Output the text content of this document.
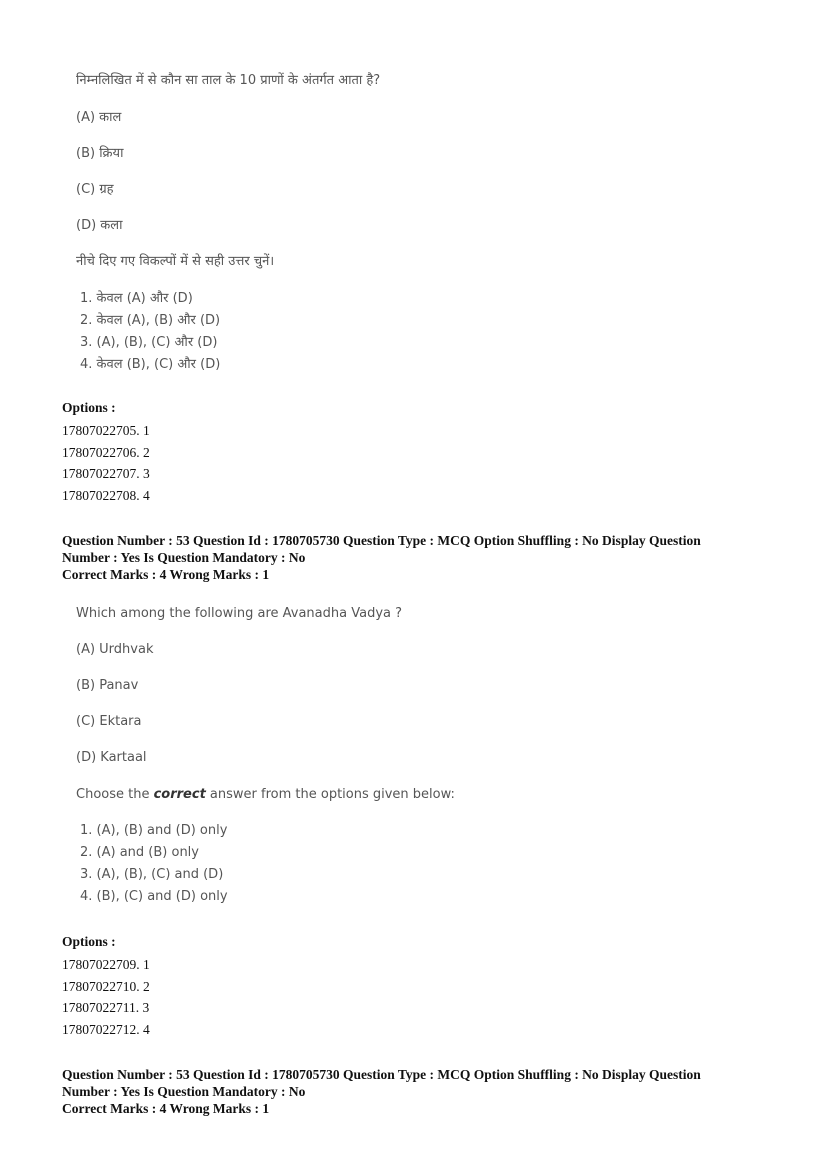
निम्नलिखित में से कौन सा ताल के 10 प्राणों के अंतर्गत आता है?
(A) काल
(B) क्रिया
(C) ग्रह
(D) कला
नीचे दिए गए विकल्पों में से सही उत्तर चुनें।
1. केवल (A) और (D)
2. केवल (A), (B) और (D)
3. (A), (B), (C) और (D)
4. केवल (B), (C) और (D)
Options :
17807022705. 1
17807022706. 2
17807022707. 3
17807022708. 4
Question Number : 53 Question Id : 1780705730 Question Type : MCQ Option Shuffling : No Display Question
Number : Yes Is Question Mandatory : No
Correct Marks : 4 Wrong Marks : 1
Which among the following are Avanadha Vadya ?
(A) Urdhvak
(B) Panav
(C) Ektara
(D) Kartaal
Choose the correct answer from the options given below:
1. (A), (B) and (D) only
2. (A) and (B) only
3. (A), (B), (C) and (D)
4. (B), (C) and (D) only
Options :
17807022709. 1
17807022710. 2
17807022711. 3
17807022712. 4
Question Number : 53 Question Id : 1780705730 Question Type : MCQ Option Shuffling : No Display Question
Number : Yes Is Question Mandatory : No
Correct Marks : 4 Wrong Marks : 1
